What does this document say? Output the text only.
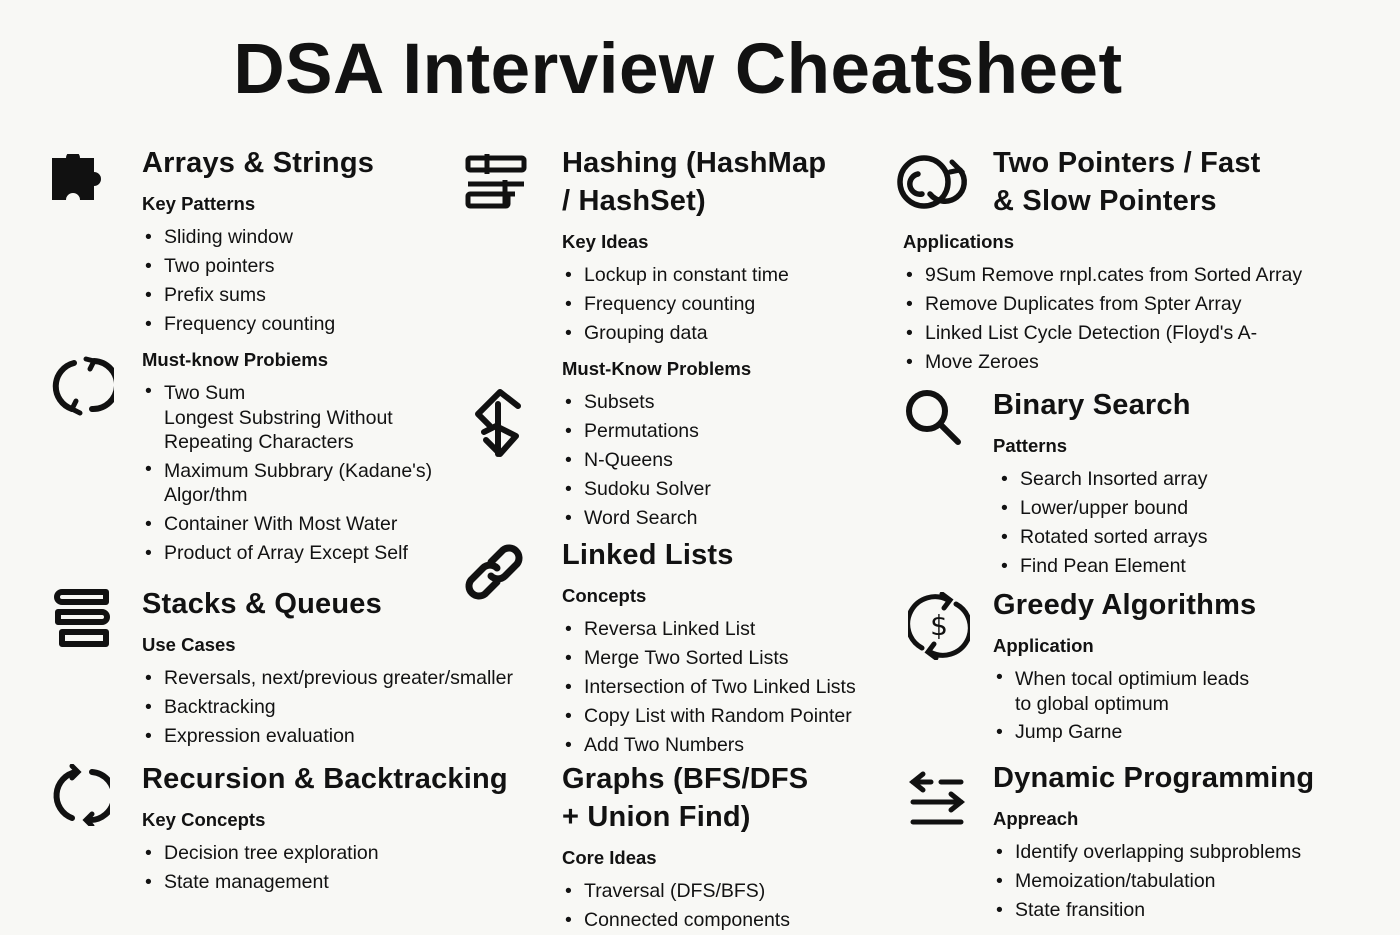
DSA Interview Cheatsheet
$
Arrays & Strings
Key Patterns
• Sliding window
• Two pointers
• Prefix sums
• Frequency counting
Must-know Probiems
• Two Sum
Longest Substring Without
Repeating Characters
• Maximum Subbrary (Kadane's)
Algor/thm
• Container With Most Water
• Product of Array Except Self
Stacks & Queues
Use Cases
• Reversals, next/previous greater/smaller
• Backtracking
• Expression evaluation
Recursion & Backtracking
Key Concepts
• Decision tree exploration
• State management
Hashing (HashMap
/ HashSet)
Key Ideas
• Lockup in constant time
• Frequency counting
• Grouping data
Must-Know Problems
• Subsets
• Permutations
• N-Queens
• Sudoku Solver
• Word Search
Linked Lists
Concepts
• Reversa Linked List
• Merge Two Sorted Lists
• Intersection of Two Linked Lists
• Copy List with Random Pointer
• Add Two Numbers
Graphs (BFS/DFS
+ Union Find)
Core Ideas
• Traversal (DFS/BFS)
• Connected components
Two Pointers / Fast
& Slow Pointers
Applications
• 9Sum Remove rnpl.cates from Sorted Array
• Remove Duplicates from Spter Array
• Linked List Cycle Detection (Floyd's A-
• Move Zeroes
Binary Search
Patterns
• Search Insorted array
• Lower/upper bound
• Rotated sorted arrays
• Find Pean Element
Greedy Algorithms
Application
• When tocal optimium leads
to global optimum
• Jump Garne
Dynamic Programming
Appreach
• Identify overlapping subproblems
• Memoization/tabulation
• State fransition
